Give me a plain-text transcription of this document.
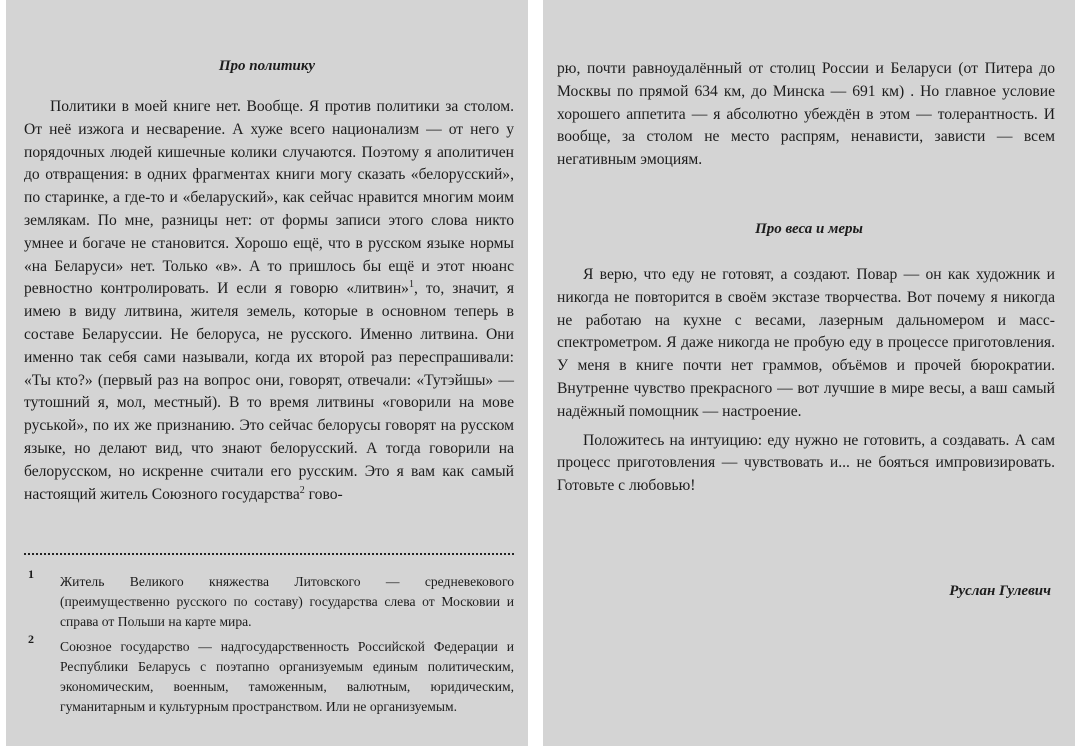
Про политику

Политики в моей книге нет. Вообще. Я против политики за столом. От неё изжога и несварение. А хуже всего национализм — от него у порядочных людей кишечные колики случаются. Поэтому я аполитичен до отвращения: в одних фрагментах книги могу сказать «белорусский», по старинке, а где-то и «беларуский», как сейчас нравится многим моим землякам. По мне, разницы нет: от формы записи этого слова никто умнее и богаче не становится. Хорошо ещё, что в русском языке нормы «на Беларуси» нет. Только «в». А то пришлось бы ещё и этот нюанс ревностно контролировать. И если я говорю «литвин»$^1$, то, значит, я имею в виду литвина, жителя земель, которые в основном теперь в составе Беларуссии. Не белоруса, не русского. Именно литвина. Они именно так себя сами называли, когда их второй раз переспрашивали: «Ты кто?» (первый раз на вопрос они, говорят, отвечали: «Тутэйшы» — тутошний я, мол, местный). В то время литвины «говорили на мове руськой», по их же признанию. Это сейчас белорусы говорят на русском языке, но делают вид, что знают белорусский. А тогда говорили на белорусском, но искренне считали его русским. Это я вам как самый настоящий житель Союзного государства$^2$ гово-

1 Житель Великого княжества Литовского — средневекового (преимущественно русского по составу) государства слева от Московии и справа от Польши на карте мира.
2 Союзное государство — надгосударственность Российской Федерации и Республики Беларусь с поэтапно организуемым единым политическим, экономическим, военным, таможенным, валютным, юридическим, гуманитарным и культурным пространством. Или не организуемым.

рю, почти равноудалённый от столиц России и Беларуси (от Питера до Москвы по прямой 634 км, до Минска — 691 км) . Но главное условие хорошего аппетита — я абсолютно убеждён в этом — толерантность. И вообще, за столом не место распрям, ненависти, зависти — всем негативным эмоциям.

Про веса и меры

Я верю, что еду не готовят, а создают. Повар — он как художник и никогда не повторится в своём экстазе творчества. Вот почему я никогда не работаю на кухне с весами, лазерным дальномером и масс-спектрометром. Я даже никогда не пробую еду в процессе приготовления. У меня в книге почти нет граммов, объёмов и прочей бюрократии. Внутренне чувство прекрасного — вот лучшие в мире весы, а ваш самый надёжный помощник — настроение.

Положитесь на интуицию: еду нужно не готовить, а создавать. А сам процесс приготовления — чувствовать и... не бояться импровизировать. Готовьте с любовью!

Руслан Гулевич
